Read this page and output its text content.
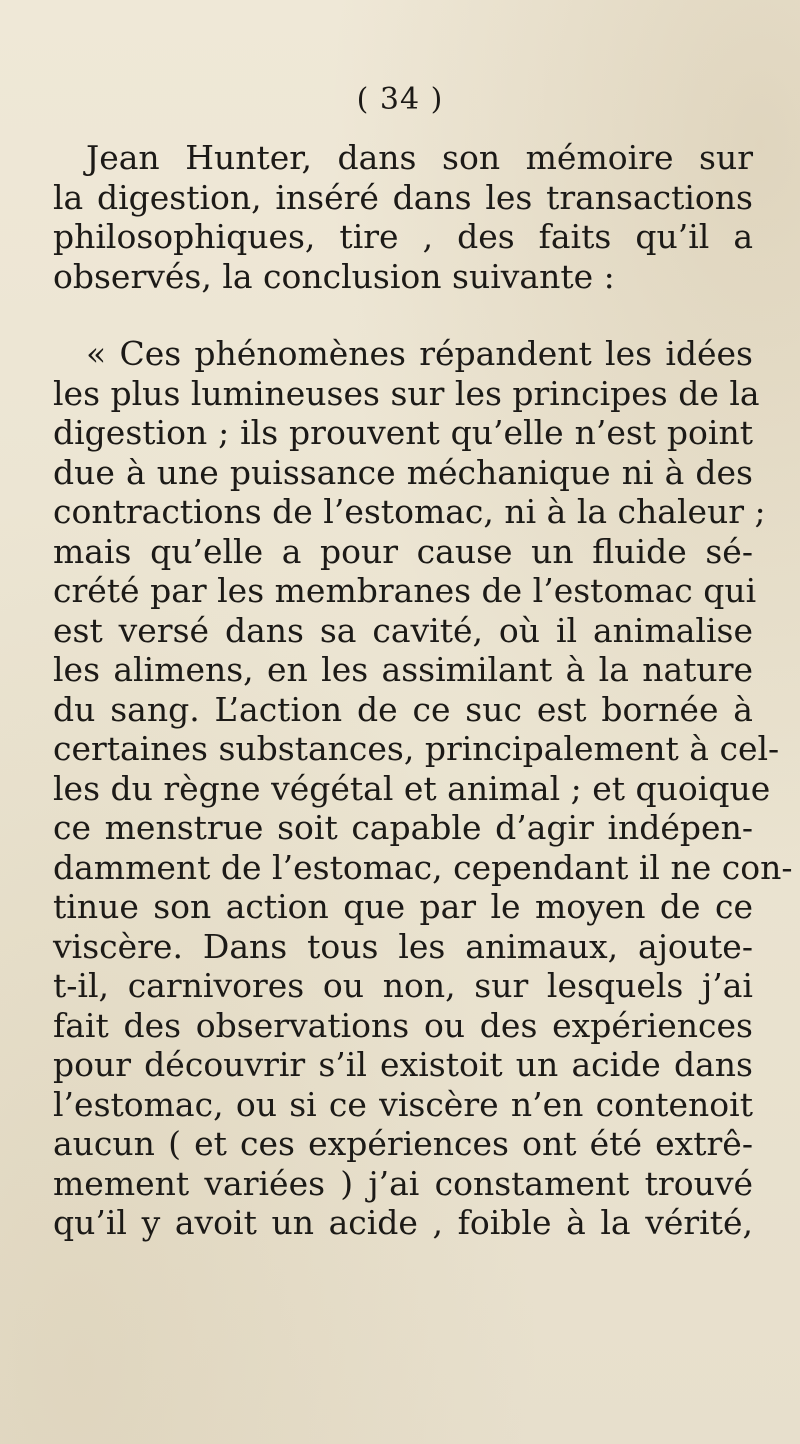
( 34 )

Jean Hunter, dans son mémoire sur
la digestion, inséré dans les transactions
philosophiques, tire , des faits qu’il a
observés, la conclusion suivante :

« Ces phénomènes répandent les idées
les plus lumineuses sur les principes de la
digestion ; ils prouvent qu’elle n’est point
due à une puissance méchanique ni à des
contractions de l’estomac, ni à la chaleur ;
mais qu’elle a pour cause un fluide sé-
crété par les membranes de l’estomac qui
est versé dans sa cavité, où il animalise
les alimens, en les assimilant à la nature
du sang. L’action de ce suc est bornée à
certaines substances, principalement à cel-
les du règne végétal et animal ; et quoique
ce menstrue soit capable d’agir indépen-
damment de l’estomac, cependant il ne con-
tinue son action que par le moyen de ce
viscère. Dans tous les animaux, ajoute-
t-il, carnivores ou non, sur lesquels j’ai
fait des observations ou des expériences
pour découvrir s’il existoit un acide dans
l’estomac, ou si ce viscère n’en contenoit
aucun ( et ces expériences ont été extrê-
mement variées ) j’ai constament trouvé
qu’il y avoit un acide , foible à la vérité,
